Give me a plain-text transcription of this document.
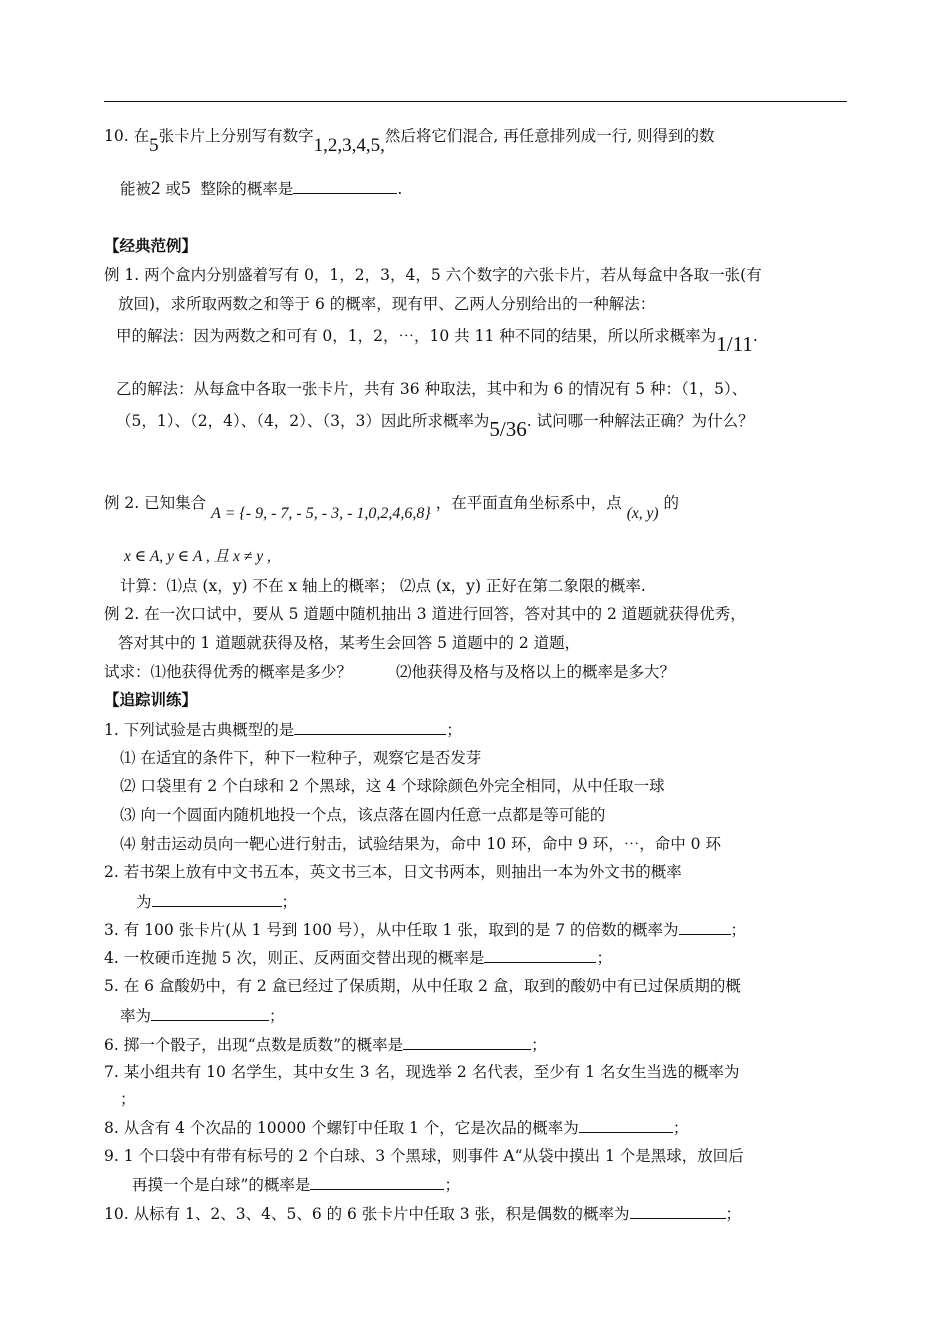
10. 在5张卡片上分别写有数字1,2,3,4,5,然后将它们混合, 再任意排列成一行, 则得到的数
能被2 或5 整除的概率是	.
【经典范例】
例 1. 两个盒内分别盛着写有 0，1，2，3，4，5 六个数字的六张卡片，若从每盒中各取一张(有
放回)，求所取两数之和等于 6 的概率，现有甲、乙两人分别给出的一种解法：
甲的解法：因为两数之和可有 0，1，2，⋯，10 共 11 种不同的结果，所以所求概率为1/11.
乙的解法：从每盒中各取一张卡片，共有 36 种取法，其中和为 6 的情况有 5 种：（1，5）、
（5，1）、（2，4）、（4，2）、（3，3）因此所求概率为5/36. 试问哪一种解法正确？为什么？
例 2. 已知集合 A = {- 9, - 7, - 5, - 3, - 1,0,2,4,6,8} ，在平面直角坐标系中，点 (x, y) 的
x ∈ A, y ∈ A , 且 x ≠ y ,
计算：⑴点 (x，y) 不在 x 轴上的概率； ⑵点 (x，y) 正好在第二象限的概率.
例 2. 在一次口试中，要从 5 道题中随机抽出 3 道进行回答，答对其中的 2 道题就获得优秀，
答对其中的 1 道题就获得及格，某考生会回答 5 道题中的 2 道题，
试求：⑴他获得优秀的概率是多少？	⑵他获得及格与及格以上的概率是多大？
【追踪训练】
1. 下列试验是古典概型的是	；
⑴ 在适宜的条件下，种下一粒种子，观察它是否发芽
⑵ 口袋里有 2 个白球和 2 个黑球，这 4 个球除颜色外完全相同，从中任取一球
⑶ 向一个圆面内随机地投一个点，该点落在圆内任意一点都是等可能的
⑷ 射击运动员向一靶心进行射击，试验结果为，命中 10 环，命中 9 环，⋯，命中 0 环
2. 若书架上放有中文书五本，英文书三本，日文书两本，则抽出一本为外文书的概率
为	；
3. 有 100 张卡片(从 1 号到 100 号），从中任取 1 张，取到的是 7 的倍数的概率为	；
4. 一枚硬币连抛 5 次，则正、反两面交替出现的概率是	；
5. 在 6 盒酸奶中，有 2 盒已经过了保质期，从中任取 2 盒，取到的酸奶中有已过保质期的概
率为	；
6. 掷一个骰子，出现“点数是质数”的概率是	；
7. 某小组共有 10 名学生，其中女生 3 名，现选举 2 名代表，至少有 1 名女生当选的概率为
；
8. 从含有 4 个次品的 10000 个螺钉中任取 1 个，它是次品的概率为	；
9. 1 个口袋中有带有标号的 2 个白球、3 个黑球，则事件 A“从袋中摸出 1 个是黑球，放回后
再摸一个是白球”的概率是	；
10. 从标有 1、2、3、4、5、6 的 6 张卡片中任取 3 张，积是偶数的概率为	；
